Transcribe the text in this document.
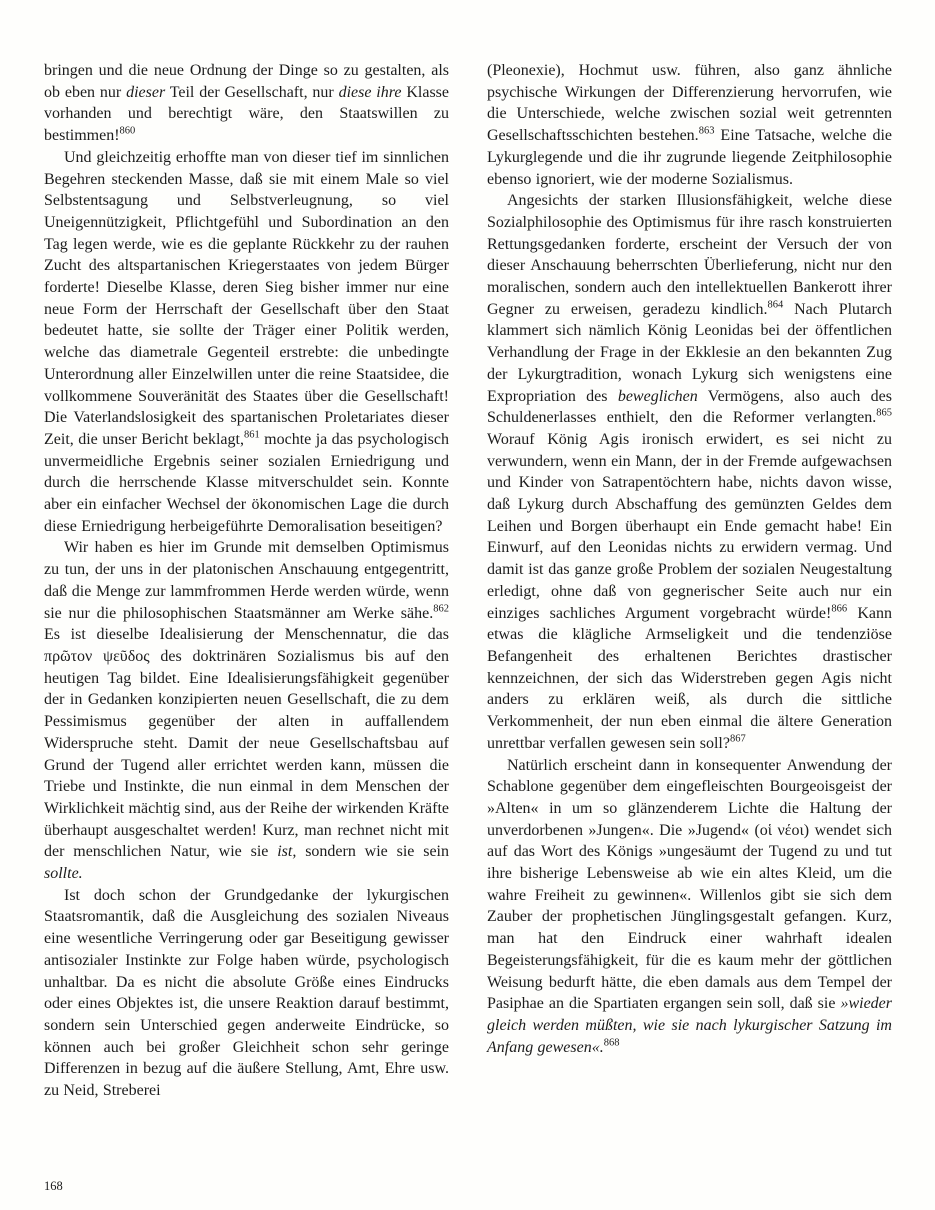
bringen und die neue Ordnung der Dinge so zu gestalten, als ob eben nur dieser Teil der Gesellschaft, nur diese ihre Klasse vorhanden und berechtigt wäre, den Staatswillen zu bestimmen!$^{860}$

Und gleichzeitig erhoffte man von dieser tief im sinnlichen Begehren steckenden Masse, daß sie mit einem Male so viel Selbstentsagung und Selbstverleugnung, so viel Uneigennützigkeit, Pflichtgefühl und Subordination an den Tag legen werde, wie es die geplante Rückkehr zu der rauhen Zucht des altspartanischen Kriegerstaates von jedem Bürger forderte! Dieselbe Klasse, deren Sieg bisher immer nur eine neue Form der Herrschaft der Gesellschaft über den Staat bedeutet hatte, sie sollte der Träger einer Politik werden, welche das diametrale Gegenteil erstrebte: die unbedingte Unterordnung aller Einzelwillen unter die reine Staatsidee, die vollkommene Souveränität des Staates über die Gesellschaft! Die Vaterlandslosigkeit des spartanischen Proletariates dieser Zeit, die unser Bericht beklagt,$^{861}$ mochte ja das psychologisch unvermeidliche Ergebnis seiner sozialen Erniedrigung und durch die herrschende Klasse mitverschuldet sein. Konnte aber ein einfacher Wechsel der ökonomischen Lage die durch diese Erniedrigung herbeigeführte Demoralisation beseitigen?

Wir haben es hier im Grunde mit demselben Optimismus zu tun, der uns in der platonischen Anschauung entgegentritt, daß die Menge zur lammfrommen Herde werden würde, wenn sie nur die philosophischen Staatsmänner am Werke sähe.$^{862}$ Es ist dieselbe Idealisierung der Menschennatur, die das πρῶτον ψεῦδος des doktrinären Sozialismus bis auf den heutigen Tag bildet. Eine Idealisierungsfähigkeit gegenüber der in Gedanken konzipierten neuen Gesellschaft, die zu dem Pessimismus gegenüber der alten in auffallendem Widerspruche steht. Damit der neue Gesellschaftsbau auf Grund der Tugend aller errichtet werden kann, müssen die Triebe und Instinkte, die nun einmal in dem Menschen der Wirklichkeit mächtig sind, aus der Reihe der wirkenden Kräfte überhaupt ausgeschaltet werden! Kurz, man rechnet nicht mit der menschlichen Natur, wie sie ist, sondern wie sie sein sollte.

Ist doch schon der Grundgedanke der lykurgischen Staatsromantik, daß die Ausgleichung des sozialen Niveaus eine wesentliche Verringerung oder gar Beseitigung gewisser antisozialer Instinkte zur Folge haben würde, psychologisch unhaltbar. Da es nicht die absolute Größe eines Eindrucks oder eines Objektes ist, die unsere Reaktion darauf bestimmt, sondern sein Unterschied gegen anderweite Eindrücke, so können auch bei großer Gleichheit schon sehr geringe Differenzen in bezug auf die äußere Stellung, Amt, Ehre usw. zu Neid, Streberei

(Pleonexie), Hochmut usw. führen, also ganz ähnliche psychische Wirkungen der Differenzierung hervorrufen, wie die Unterschiede, welche zwischen sozial weit getrennten Gesellschaftsschichten bestehen.$^{863}$ Eine Tatsache, welche die Lykurglegende und die ihr zugrunde liegende Zeitphilosophie ebenso ignoriert, wie der moderne Sozialismus.

Angesichts der starken Illusionsfähigkeit, welche diese Sozialphilosophie des Optimismus für ihre rasch konstruierten Rettungsgedanken forderte, erscheint der Versuch der von dieser Anschauung beherrschten Überlieferung, nicht nur den moralischen, sondern auch den intellektuellen Bankerott ihrer Gegner zu erweisen, geradezu kindlich.$^{864}$ Nach Plutarch klammert sich nämlich König Leonidas bei der öffentlichen Verhandlung der Frage in der Ekklesie an den bekannten Zug der Lykurgtradition, wonach Lykurg sich wenigstens eine Expropriation des beweglichen Vermögens, also auch des Schuldenerlasses enthielt, den die Reformer verlangten.$^{865}$ Worauf König Agis ironisch erwidert, es sei nicht zu verwundern, wenn ein Mann, der in der Fremde aufgewachsen und Kinder von Satrapentöchtern habe, nichts davon wisse, daß Lykurg durch Abschaffung des gemünzten Geldes dem Leihen und Borgen überhaupt ein Ende gemacht habe! Ein Einwurf, auf den Leonidas nichts zu erwidern vermag. Und damit ist das ganze große Problem der sozialen Neugestaltung erledigt, ohne daß von gegnerischer Seite auch nur ein einziges sachliches Argument vorgebracht würde!$^{866}$ Kann etwas die klägliche Armseligkeit und die tendenziöse Befangenheit des erhaltenen Berichtes drastischer kennzeichnen, der sich das Widerstreben gegen Agis nicht anders zu erklären weiß, als durch die sittliche Verkommenheit, der nun eben einmal die ältere Generation unrettbar verfallen gewesen sein soll?$^{867}$

Natürlich erscheint dann in konsequenter Anwendung der Schablone gegenüber dem eingefleischten Bourgeoisgeist der »Alten« in um so glänzenderem Lichte die Haltung der unverdorbenen »Jungen«. Die »Jugend« (οἱ νέοι) wendet sich auf das Wort des Königs »ungesäumt der Tugend zu und tut ihre bisherige Lebensweise ab wie ein altes Kleid, um die wahre Freiheit zu gewinnen«. Willenlos gibt sie sich dem Zauber der prophetischen Jünglingsgestalt gefangen. Kurz, man hat den Eindruck einer wahrhaft idealen Begeisterungsfähigkeit, für die es kaum mehr der göttlichen Weisung bedurft hätte, die eben damals aus dem Tempel der Pasiphae an die Spartiaten ergangen sein soll, daß sie »wieder gleich werden müßten, wie sie nach lykurgischer Satzung im Anfang gewesen«.$^{868}$

168
